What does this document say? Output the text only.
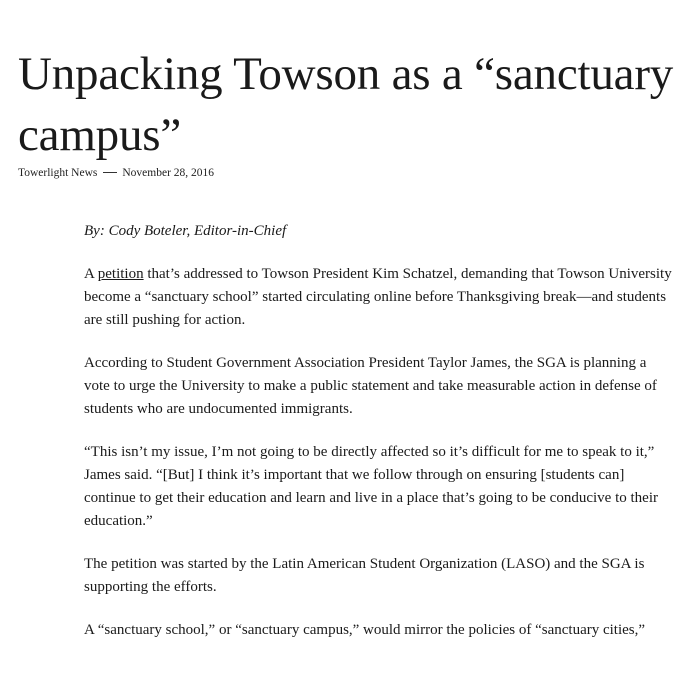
Unpacking Towson as a “sanctuary campus”
Towerlight News November 28, 2016

By: Cody Boteler, Editor-in-Chief

A petition that’s addressed to Towson President Kim Schatzel, demanding that Towson University become a “sanctuary school” started circulating online before Thanksgiving break—and students are still pushing for action.

According to Student Government Association President Taylor James, the SGA is planning a vote to urge the University to make a public statement and take measurable action in defense of students who are undocumented immigrants.

“This isn’t my issue, I’m not going to be directly affected so it’s difficult for me to speak to it,” James said. “[But] I think it’s important that we follow through on ensuring [students can] continue to get their education and learn and live in a place that’s going to be conducive to their education.”

The petition was started by the Latin American Student Organization (LASO) and the SGA is supporting the efforts.

A “sanctuary school,” or “sanctuary campus,” would mirror the policies of “sanctuary cities,”
